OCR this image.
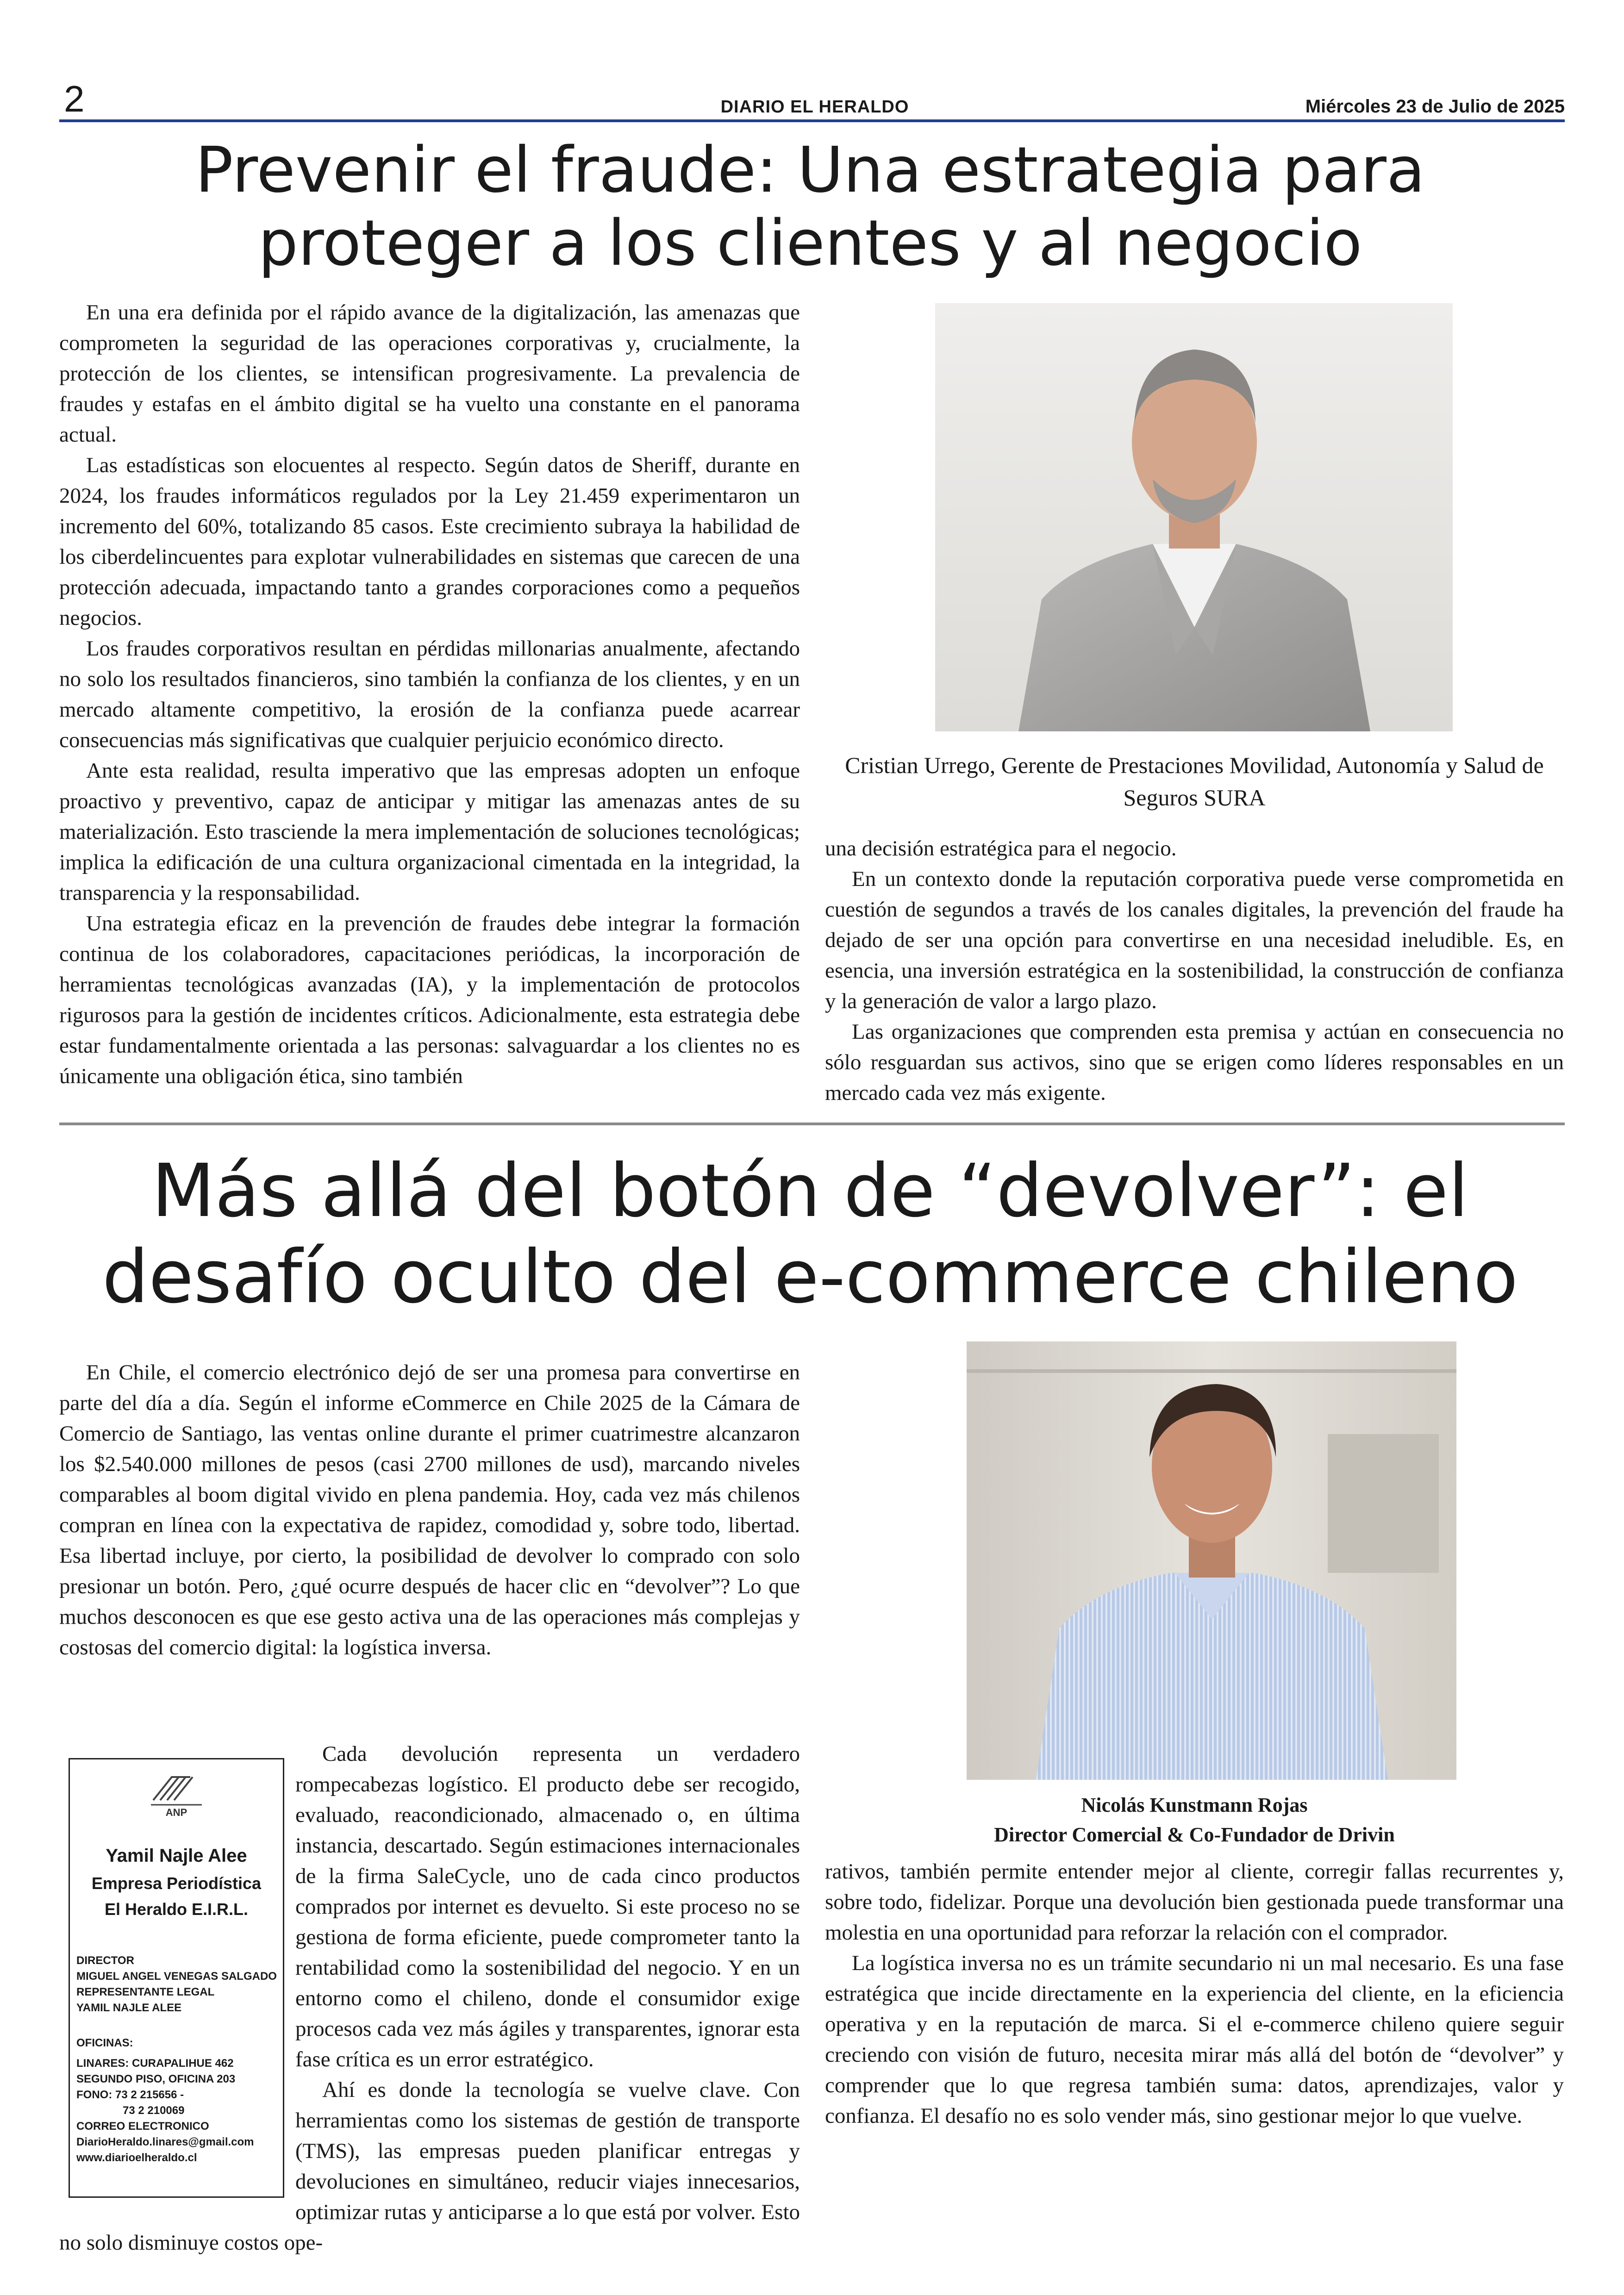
2	DIARIO EL HERALDO	Miércoles 23 de Julio de 2025
Prevenir el fraude: Una estrategia para proteger a los clientes y al negocio

En una era definida por el rápido avance de la digitalización, las amenazas que comprometen la seguridad de las operaciones corporativas y, crucialmente, la protección de los clientes, se intensifican progresivamente. La prevalencia de fraudes y estafas en el ámbito digital se ha vuelto una constante en el panorama actual.

Las estadísticas son elocuentes al respecto. Según datos de Sheriff, durante en 2024, los fraudes informáticos regulados por la Ley 21.459 experimentaron un incremento del 60%, totalizando 85 casos. Este crecimiento subraya la habilidad de los ciberdelincuentes para explotar vulnerabilidades en sistemas que carecen de una protección adecuada, impactando tanto a grandes corporaciones como a pequeños negocios.

Los fraudes corporativos resultan en pérdidas millonarias anualmente, afectando no solo los resultados financieros, sino también la confianza de los clientes, y en un mercado altamente competitivo, la erosión de la confianza puede acarrear consecuencias más significativas que cualquier perjuicio económico directo.

Ante esta realidad, resulta imperativo que las empresas adopten un enfoque proactivo y preventivo, capaz de anticipar y mitigar las amenazas antes de su materialización. Esto trasciende la mera implementación de soluciones tecnológicas; implica la edificación de una cultura organizacional cimentada en la integridad, la transparencia y la responsabilidad.

Una estrategia eficaz en la prevención de fraudes debe integrar la formación continua de los colaboradores, capacitaciones periódicas, la incorporación de herramientas tecnológicas avanzadas (IA), y la implementación de protocolos rigurosos para la gestión de incidentes críticos. Adicionalmente, esta estrategia debe estar fundamentalmente orientada a las personas: salvaguardar a los clientes no es únicamente una obligación ética, sino también

Cristian Urrego, Gerente de Prestaciones Movilidad, Autonomía y Salud de Seguros SURA

una decisión estratégica para el negocio.

En un contexto donde la reputación corporativa puede verse comprometida en cuestión de segundos a través de los canales digitales, la prevención del fraude ha dejado de ser una opción para convertirse en una necesidad ineludible. Es, en esencia, una inversión estratégica en la sostenibilidad, la construcción de confianza y la generación de valor a largo plazo.

Las organizaciones que comprenden esta premisa y actúan en consecuencia no sólo resguardan sus activos, sino que se erigen como líderes responsables en un mercado cada vez más exigente.

Más allá del botón de “devolver”: el desafío oculto del e-commerce chileno

En Chile, el comercio electrónico dejó de ser una promesa para convertirse en parte del día a día. Según el informe eCommerce en Chile 2025 de la Cámara de Comercio de Santiago, las ventas online durante el primer cuatrimestre alcanzaron los $2.540.000 millones de pesos (casi 2700 millones de usd), marcando niveles comparables al boom digital vivido en plena pandemia. Hoy, cada vez más chilenos compran en línea con la expectativa de rapidez, comodidad y, sobre todo, libertad. Esa libertad incluye, por cierto, la posibilidad de devolver lo comprado con solo presionar un botón. Pero, ¿qué ocurre después de hacer clic en “devolver”? Lo que muchos desconocen es que ese gesto activa una de las operaciones más complejas y costosas del comercio digital: la logística inversa.

Cada devolución representa un verdadero rompecabezas logístico. El producto debe ser recogido, evaluado, reacondicionado, almacenado o, en última instancia, descartado. Según estimaciones internacionales de la firma SaleCycle, uno de cada cinco productos comprados por internet es devuelto. Si este proceso no se gestiona de forma eficiente, puede comprometer tanto la rentabilidad como la sostenibilidad del negocio. Y en un entorno como el chileno, donde el consumidor exige procesos cada vez más ágiles y transparentes, ignorar esta fase crítica es un error estratégico.

Ahí es donde la tecnología se vuelve clave. Con herramientas como los sistemas de gestión de transporte (TMS), las empresas pueden planificar entregas y devoluciones en simultáneo, reducir viajes innecesarios, optimizar rutas y anticiparse a lo que está por volver. Esto no solo disminuye costos ope-

ANP
Yamil Najle Alee
Empresa Periodística
El Heraldo E.I.R.L.
DIRECTOR
MIGUEL ANGEL VENEGAS SALGADO
REPRESENTANTE LEGAL
YAMIL NAJLE ALEE
OFICINAS:
LINARES: CURAPALIHUE 462
SEGUNDO PISO, OFICINA 203
FONO: 73 2 215656 -
73 2 210069
CORREO ELECTRONICO
DiarioHeraldo.linares@gmail.com
www.diarioelheraldo.cl
Nicolás Kunstmann Rojas
Director Comercial & Co-Fundador de Drivin

rativos, también permite entender mejor al cliente, corregir fallas recurrentes y, sobre todo, fidelizar. Porque una devolución bien gestionada puede transformar una molestia en una oportunidad para reforzar la relación con el comprador.

La logística inversa no es un trámite secundario ni un mal necesario. Es una fase estratégica que incide directamente en la experiencia del cliente, en la eficiencia operativa y en la reputación de marca. Si el e-commerce chileno quiere seguir creciendo con visión de futuro, necesita mirar más allá del botón de “devolver” y comprender que lo que regresa también suma: datos, aprendizajes, valor y confianza. El desafío no es solo vender más, sino gestionar mejor lo que vuelve.
